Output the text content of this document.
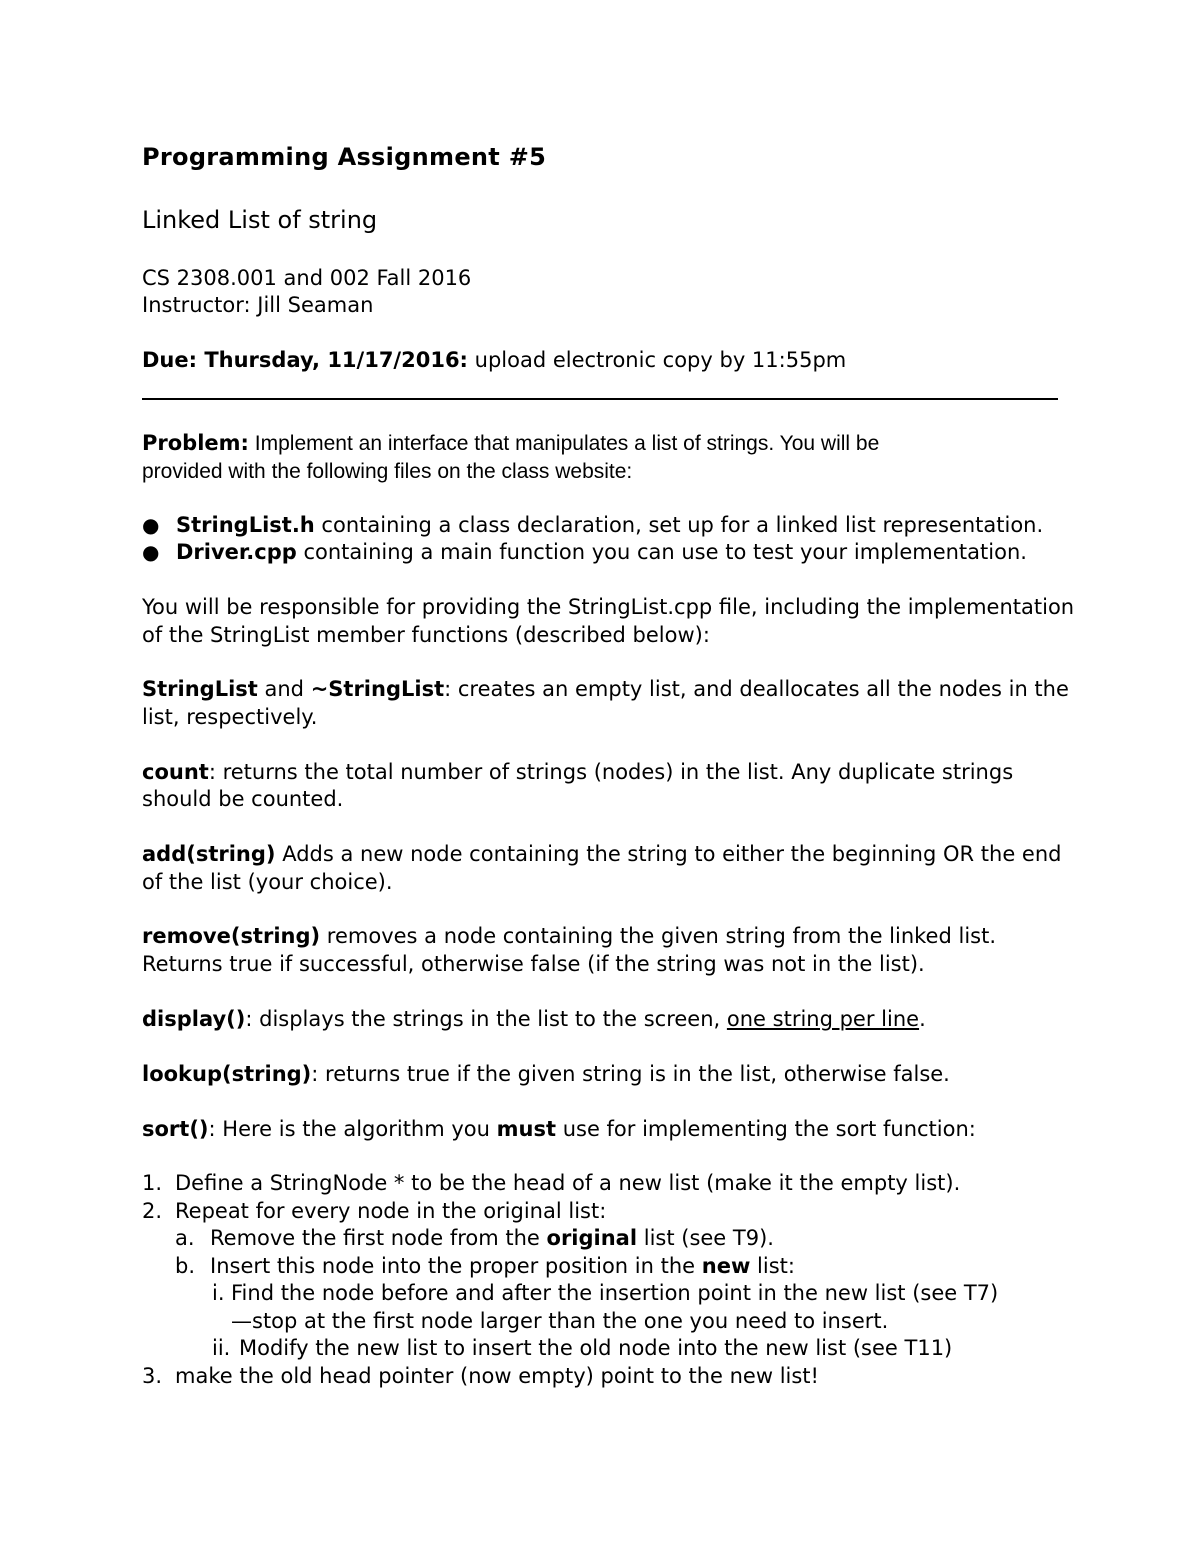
Programming Assignment #5
Linked List of string
CS 2308.001 and 002 Fall 2016
Instructor: Jill Seaman
Due: Thursday, 11/17/2016: upload electronic copy by 11:55pm
Problem: Implement an interface that manipulates a list of strings. You will be
provided with the following files on the class website:
● StringList.h containing a class declaration, set up for a linked list representation.
● Driver.cpp containing a main function you can use to test your implementation.
You will be responsible for providing the StringList.cpp file, including the implementation
of the StringList member functions (described below):
StringList and ~StringList: creates an empty list, and deallocates all the nodes in the
list, respectively.
count: returns the total number of strings (nodes) in the list. Any duplicate strings
should be counted.
add(string) Adds a new node containing the string to either the beginning OR the end
of the list (your choice).
remove(string) removes a node containing the given string from the linked list.
Returns true if successful, otherwise false (if the string was not in the list).
display(): displays the strings in the list to the screen, one string per line.
lookup(string): returns true if the given string is in the list, otherwise false.
sort(): Here is the algorithm you must use for implementing the sort function:
1. Define a StringNode * to be the head of a new list (make it the empty list).
2. Repeat for every node in the original list:
a. Remove the first node from the original list (see T9).
b. Insert this node into the proper position in the new list:
i. Find the node before and after the insertion point in the new list (see T7)
—stop at the first node larger than the one you need to insert.
ii. Modify the new list to insert the old node into the new list (see T11)
3. make the old head pointer (now empty) point to the new list!
